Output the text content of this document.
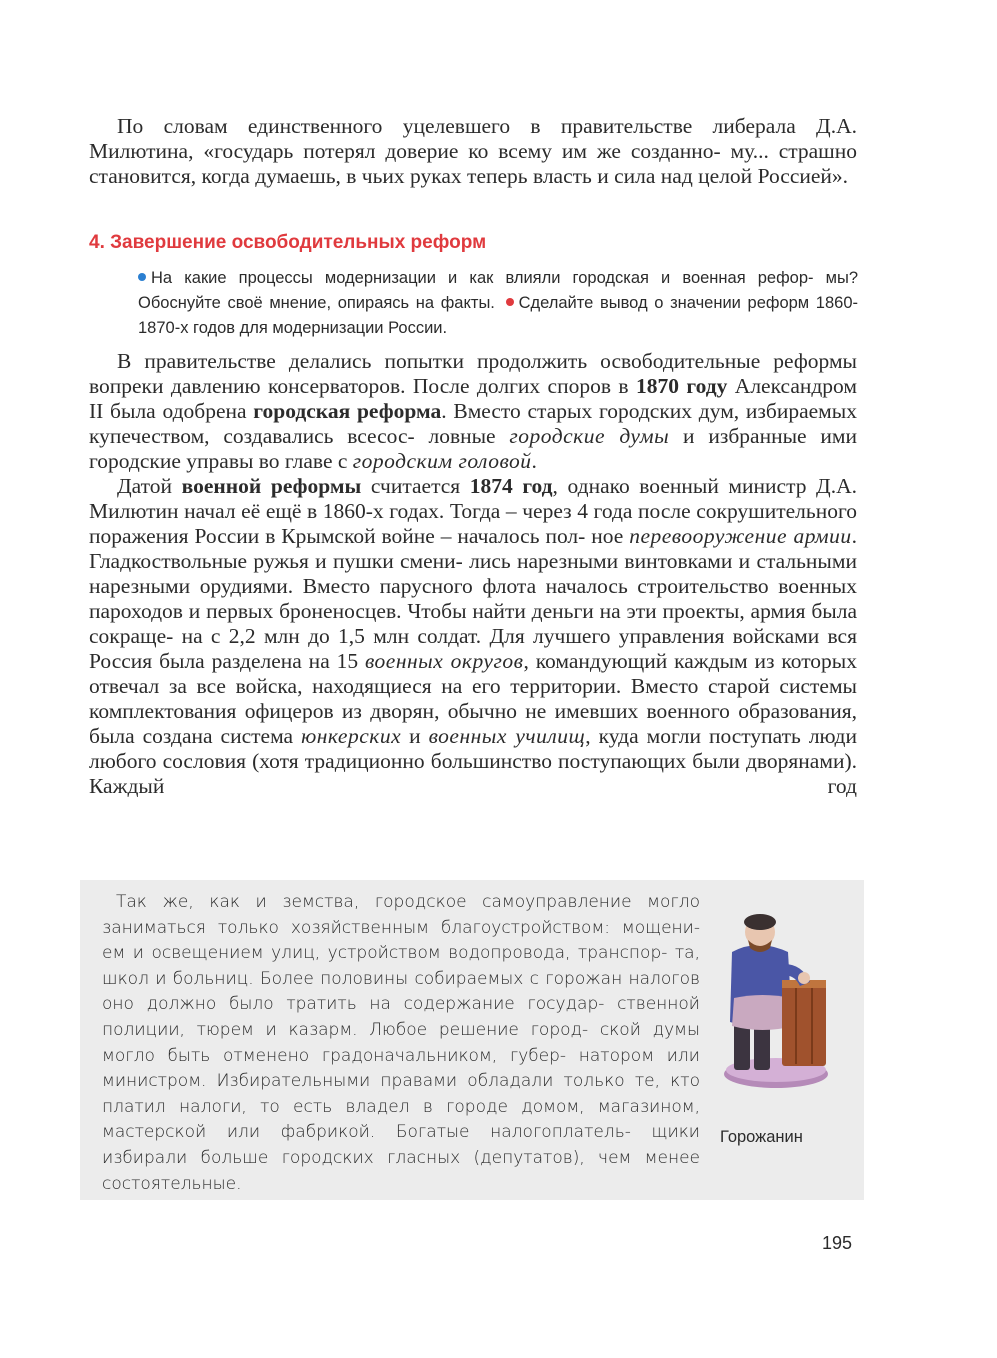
По словам единственного уцелевшего в правительстве либерала Д.А. Милютина, «государь потерял доверие ко всему им же созданно- му... страшно становится, когда думаешь, в чьих руках теперь власть и сила над целой Россией».

4. Завершение освободительных реформ
На какие процессы модернизации и как влияли городская и военная рефор- мы? Обоснуйте своё мнение, опираясь на факты. Сделайте вывод о значении реформ 1860-1870-х годов для модернизации России.

В правительстве делались попытки продолжить освободительные реформы вопреки давлению консерваторов. После долгих споров в 1870 году Александром II была одобрена городская реформа. Вместо старых городских дум, избираемых купечеством, создавались всесос- ловные городские думы и избранные ими городские управы во главе с городским головой.

Датой военной реформы считается 1874 год, однако военный министр Д.А. Милютин начал её ещё в 1860-х годах. Тогда – через 4 года после сокрушительного поражения России в Крымской войне – началось пол- ное перевооружение армии. Гладкоствольные ружья и пушки смени- лись нарезными винтовками и стальными нарезными орудиями. Вместо парусного флота началось строительство военных пароходов и первых броненосцев. Чтобы найти деньги на эти проекты, армия была сокраще- на с 2,2 млн до 1,5 млн солдат. Для лучшего управления войсками вся Россия была разделена на 15 военных округов, командующий каждым из которых отвечал за все войска, находящиеся на его территории. Вместо старой системы комплектования офицеров из дворян, обычно не имевших военного образования, была создана система юнкерских и военных училищ, куда могли поступать люди любого сословия (хотя традиционно большинство поступающих были дворянами). Каждый год

Так же, как и земства, городское самоуправление могло заниматься только хозяйственным благоустройством: мощени- ем и освещением улиц, устройством водопровода, транспор- та, школ и больниц. Более половины собираемых с горожан налогов оно должно было тратить на содержание государ- ственной полиции, тюрем и казарм. Любое решение город- ской думы могло быть отменено градоначальником, губер- натором или министром. Избирательными правами обладали только те, кто платил налоги, то есть владел в городе домом, магазином, мастерской или фабрикой. Богатые налогоплатель- щики избирали больше городских гласных (депутатов), чем менее состоятельные.

Горожанин

195
